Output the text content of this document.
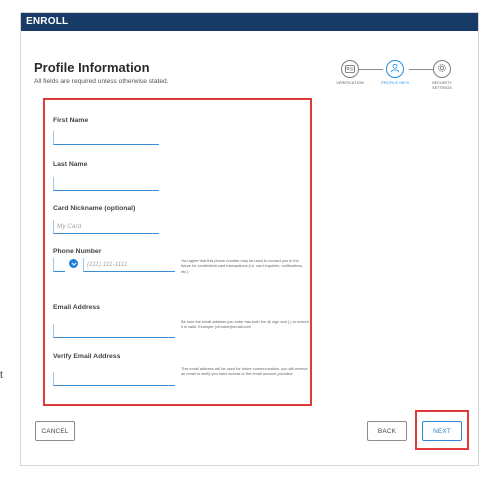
t
ENROLL
Profile Information
All fields are required unless otherwise stated.	VERIFICATION	PROFILE INFO	SECURITY SETTINGS
First Name
Last Name
Card Nickname (optional)
My Card
Phone Number
(111) 111-1111
You agree that this phone number may be used to contact you in the future for credit/debit card transactions (i.e. card inquiries, notifications, etc.)
Email Address
Be sure the email address you enter has both the @ sign and (.) to ensure it is valid. Example: johndoe@email.com
Verify Email Address
This email address will be used for future communication, you will receive an email to verify you have access to the email account provided.
CANCEL	BACK	NEXT
